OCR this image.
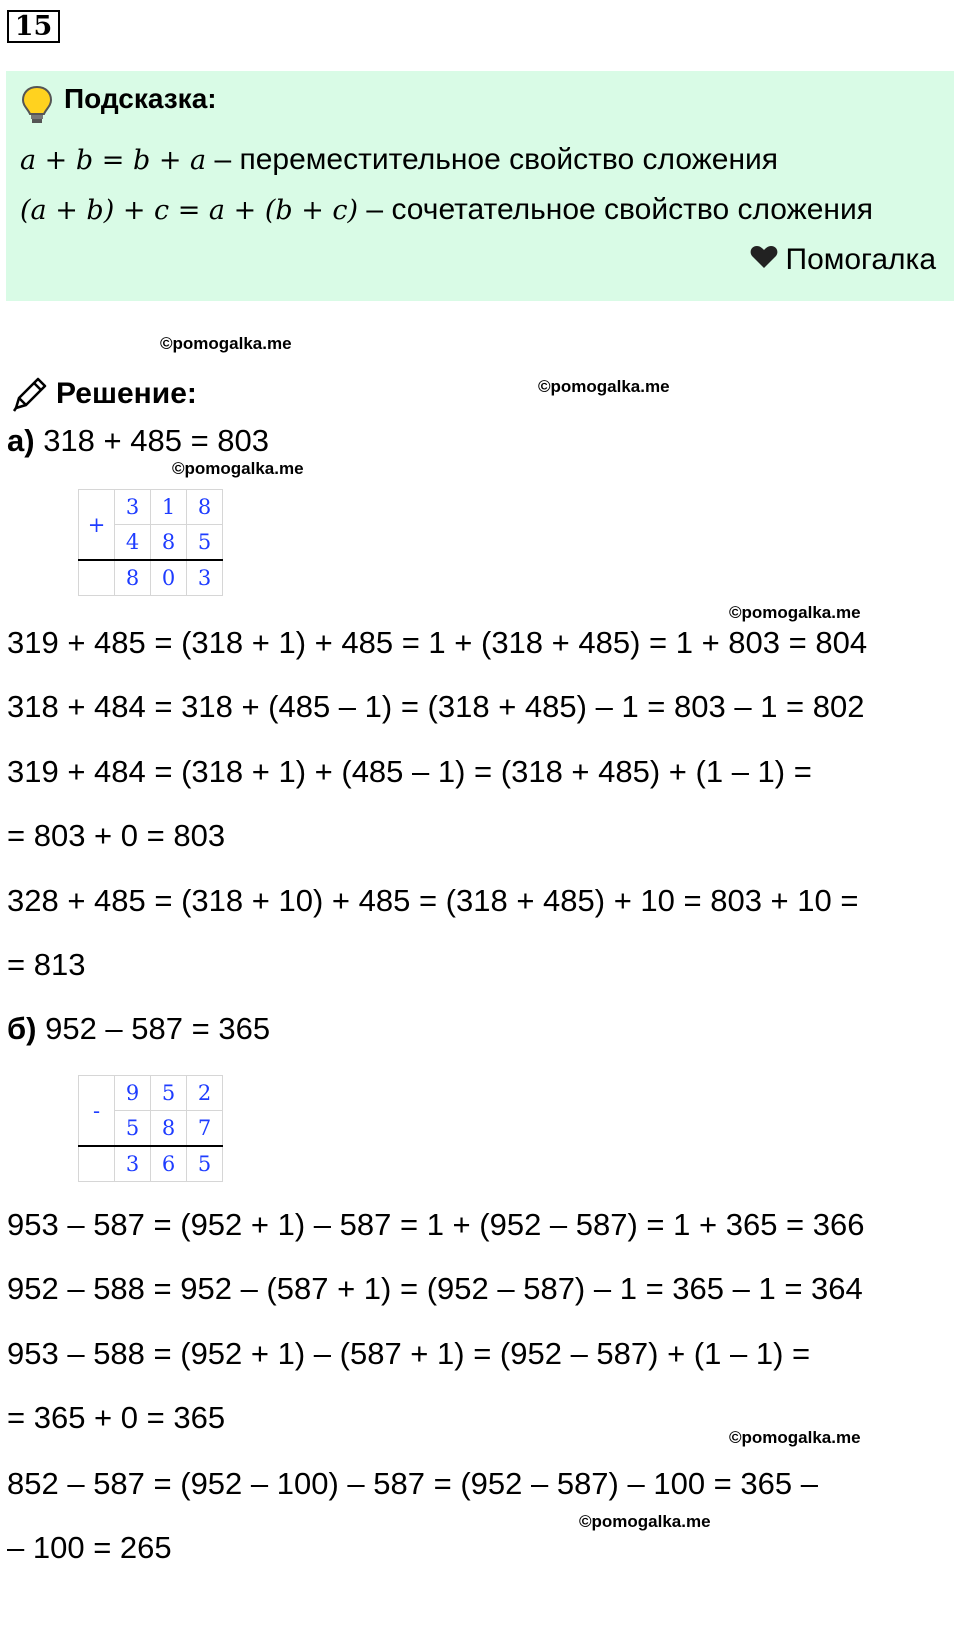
15
Подсказка:
a + b = b + a – переместительное свойство сложения
(a + b) + c = a + (b + c) – сочетательное свойство сложения
Помогалка
©pomogalka.me
©pomogalka.me
©pomogalka.me
©pomogalka.me
©pomogalka.me
©pomogalka.me
Решение:
а) 318 + 485 = 803
+	3	1	8
	4	8	5
	8	0	3
319 + 485 = (318 + 1) + 485 = 1 + (318 + 485) = 1 + 803 = 804
318 + 484 = 318 + (485 – 1) = (318 + 485) – 1 = 803 – 1 = 802
319 + 484 = (318 + 1) + (485 – 1) = (318 + 485) + (1 – 1) =
= 803 + 0 = 803
328 + 485 = (318 + 10) + 485 = (318 + 485) + 10 = 803 + 10 =
= 813
б) 952 – 587 = 365
-	9	5	2
	5	8	7
	3	6	5
953 – 587 = (952 + 1) – 587 = 1 + (952 – 587) = 1 + 365 = 366
952 – 588 = 952 – (587 + 1) = (952 – 587) – 1 = 365 – 1 = 364
953 – 588 = (952 + 1) – (587 + 1) = (952 – 587) + (1 – 1) =
= 365 + 0 = 365
852 – 587 = (952 – 100) – 587 = (952 – 587) – 100 = 365 –
– 100 = 265
